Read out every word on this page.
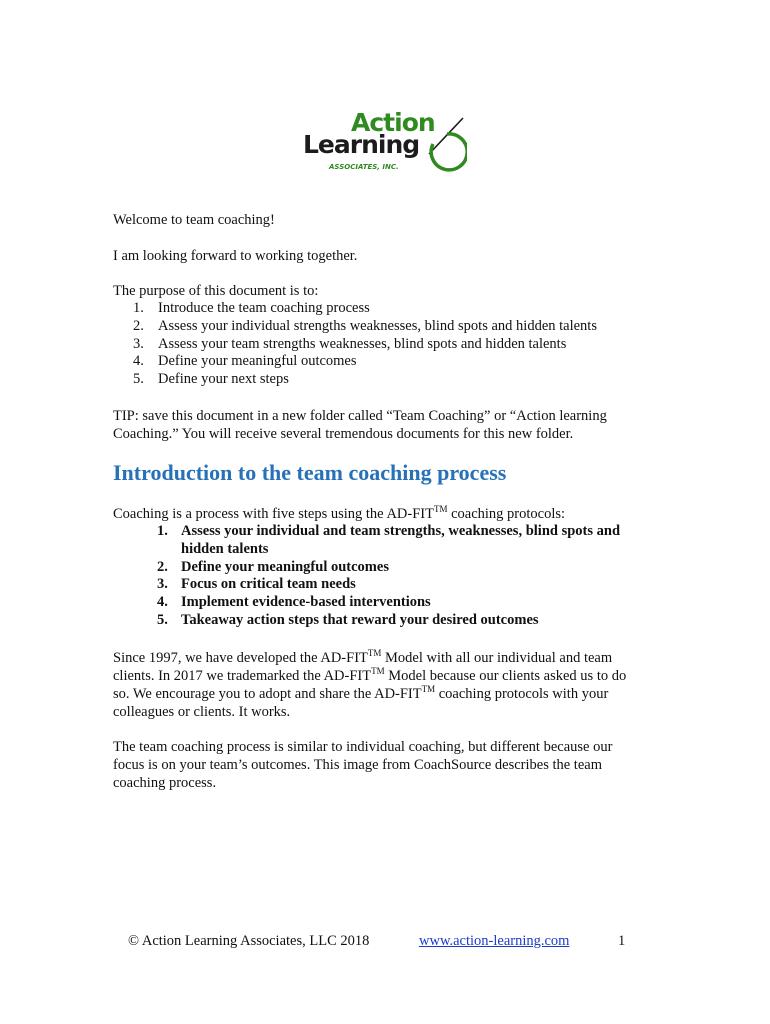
Action
Learning
ASSOCIATES, INC.
Welcome to team coaching!
I am looking forward to working together.
The purpose of this document is to:
1. Introduce the team coaching process
2. Assess your individual strengths weaknesses, blind spots and hidden talents
3. Assess your team strengths weaknesses, blind spots and hidden talents
4. Define your meaningful outcomes
5. Define your next steps
TIP: save this document in a new folder called “Team Coaching” or “Action learning
Coaching.” You will receive several tremendous documents for this new folder.
Introduction to the team coaching process
Coaching is a process with five steps using the AD-FIT™ coaching protocols:
1. Assess your individual and team strengths, weaknesses, blind spots and hidden talents
2. Define your meaningful outcomes
3. Focus on critical team needs
4. Implement evidence-based interventions
5. Takeaway action steps that reward your desired outcomes
Since 1997, we have developed the AD-FIT™ Model with all our individual and team
clients. In 2017 we trademarked the AD-FIT™ Model because our clients asked us to do
so. We encourage you to adopt and share the AD-FIT™ coaching protocols with your
colleagues or clients. It works.
The team coaching process is similar to individual coaching, but different because our
focus is on your team’s outcomes. This image from CoachSource describes the team
coaching process.
© Action Learning Associates, LLC 2018	www.action-learning.com	1
